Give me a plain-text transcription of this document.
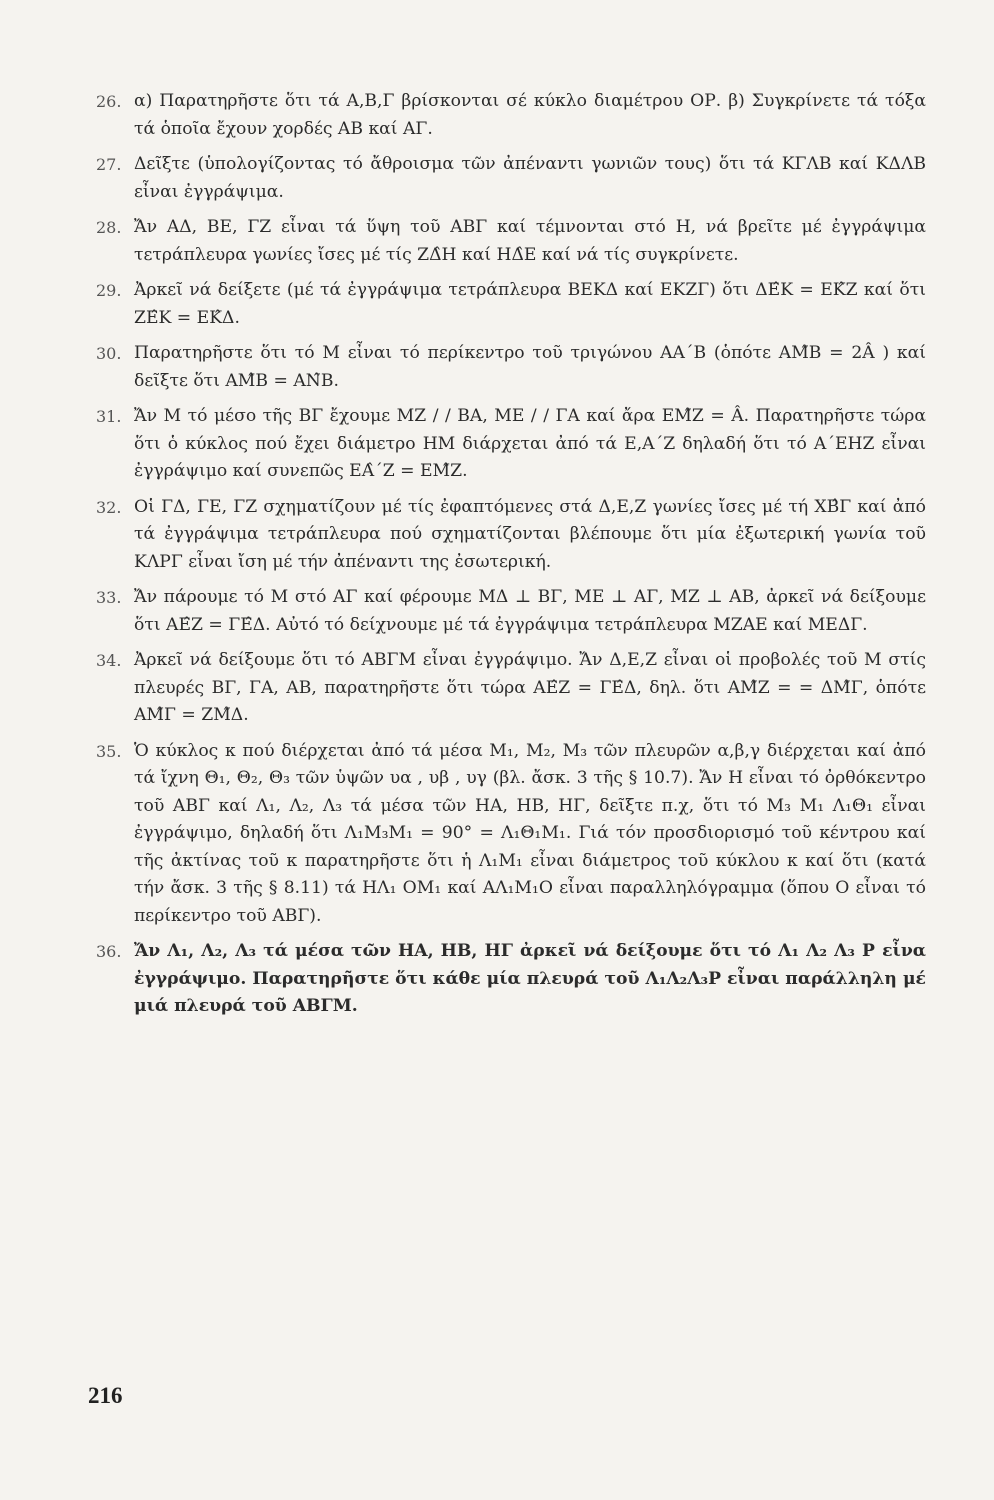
26. α) Παρατηρῆστε ὅτι τά Α,Β,Γ βρίσκονται σέ κύκλο διαμέτρου ΟΡ. β) Συγκρίνετε τά τόξα τά ὁποῖα ἔχουν χορδές ΑΒ καί ΑΓ.
27. Δεῖξτε (ὑπολογίζοντας τό ἄθροισμα τῶν ἀπέναντι γωνιῶν τους) ὅτι τά ΚΓΛΒ καί ΚΔΛΒ εἶναι ἐγγράψιμα.
28. Ἄν ΑΔ, ΒΕ, ΓΖ εἶναι τά ὕψη τοῦ ΑΒΓ καί τέμνονται στό Η, νά βρεῖτε μέ ἐγγράψιμα τετράπλευρα γωνίες ἴσες μέ τίς ΖΔ̂Η καί ΗΔ̂Ε καί νά τίς συγκρίνετε.
29. Ἀρκεῖ νά δείξετε (μέ τά ἐγγράψιμα τετράπλευρα ΒΕΚΔ καί ΕΚΖΓ) ὅτι ΔΕ̂Κ = ΕΚ̂Ζ καί ὅτι ΖΕ̂Κ = ΕΚ̂Δ.
30. Παρατηρῆστε ὅτι τό Μ εἶναι τό περίκεντρο τοῦ τριγώνου ΑΑ΄Β (ὁπότε ΑΜ̂Β = 2Â ) καί δεῖξτε ὅτι ΑΜ̂Β = ΑΝ̂Β.
31. Ἄν Μ τό μέσο τῆς ΒΓ ἔχουμε ΜΖ / / ΒΑ, ΜΕ / / ΓΑ καί ἄρα ΕΜ̂Ζ = Â. Παρατηρῆστε τώρα ὅτι ὁ κύκλος πού ἔχει διάμετρο ΗΜ διάρχεται ἀπό τά Ε,Α΄Ζ δηλαδή ὅτι τό Α΄ΕΗΖ εἶναι ἐγγράψιμο καί συνεπῶς ΕΑ̂΄Ζ = ΕΜ̂Ζ.
32. Οἱ ΓΔ, ΓΕ, ΓΖ σχηματίζουν μέ τίς ἐφαπτόμενες στά Δ,Ε,Ζ γωνίες ἴσες μέ τή ΧΒ̂Γ καί ἀπό τά ἐγγράψιμα τετράπλευρα πού σχηματίζονται βλέπουμε ὅτι μία ἐξωτερική γωνία τοῦ ΚΛΡΓ εἶναι ἴση μέ τήν ἀπέναντι της ἐσωτερική.
33. Ἄν πάρουμε τό Μ στό ΑΓ καί φέρουμε ΜΔ ⊥ ΒΓ, ΜΕ ⊥ ΑΓ, ΜΖ ⊥ ΑΒ, ἀρκεῖ νά δείξουμε ὅτι ΑΕ̂Ζ = ΓΕ̂Δ. Αὐτό τό δείχνουμε μέ τά ἐγγράψιμα τετράπλευρα ΜΖΑΕ καί ΜΕΔΓ.
34. Ἀρκεῖ νά δείξουμε ὅτι τό ΑΒΓΜ εἶναι ἐγγράψιμο. Ἄν Δ,Ε,Ζ εἶναι οἱ προβολές τοῦ Μ στίς πλευρές ΒΓ, ΓΑ, ΑΒ, παρατηρῆστε ὅτι τώρα ΑΕ̂Ζ = ΓΕ̂Δ, δηλ. ὅτι ΑΜ̂Ζ = = ΔΜ̂Γ, ὁπότε ΑΜ̂Γ = ΖΜ̂Δ.
35. Ὁ κύκλος κ πού διέρχεται ἀπό τά μέσα Μ₁, Μ₂, Μ₃ τῶν πλευρῶν α,β,γ διέρχεται καί ἀπό τά ἴχνη Θ₁, Θ₂, Θ₃ τῶν ὑψῶν υα , υβ , υγ (βλ. ἄσκ. 3 τῆς § 10.7). Ἄν Η εἶναι τό ὀρθόκεντρο τοῦ ΑΒΓ καί Λ₁, Λ₂, Λ₃ τά μέσα τῶν ΗΑ, ΗΒ, ΗΓ, δεῖξτε π.χ, ὅτι τό Μ₃ Μ₁ Λ₁Θ₁ εἶναι ἐγγράψιμο, δηλαδή ὅτι Λ₁Μ₃Μ₁ = 90° = Λ₁Θ₁Μ₁. Γιά τόν προσδιορισμό τοῦ κέντρου καί τῆς ἀκτίνας τοῦ κ παρατηρῆστε ὅτι ἡ Λ₁Μ₁ εἶναι διάμετρος τοῦ κύκλου κ καί ὅτι (κατά τήν ἄσκ. 3 τῆς § 8.11) τά ΗΛ₁ ΟΜ₁ καί ΑΛ₁Μ₁Ο εἶναι παραλληλόγραμμα (ὅπου Ο εἶναι τό περίκεντρο τοῦ ΑΒΓ).
36. Ἄν Λ₁, Λ₂, Λ₃ τά μέσα τῶν ΗΑ, ΗΒ, ΗΓ ἀρκεῖ νά δείξουμε ὅτι τό Λ₁ Λ₂ Λ₃ Ρ εἶνα ἐγγράψιμο. Παρατηρῆστε ὅτι κάθε μία πλευρά τοῦ Λ₁Λ₂Λ₃Ρ εἶναι παράλληλη μέ μιά πλευρά τοῦ ΑΒΓΜ.
216
